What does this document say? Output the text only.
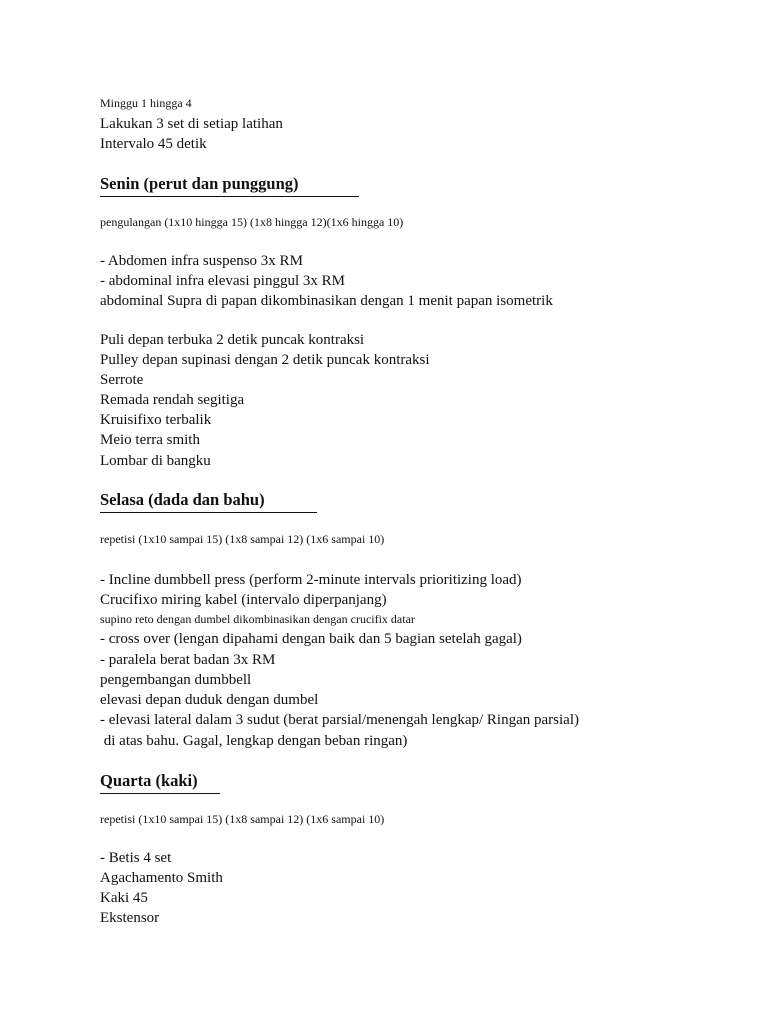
Minggu 1 hingga 4
Lakukan 3 set di setiap latihan
Intervalo 45 detik
Senin (perut dan punggung)
pengulangan (1x10 hingga 15) (1x8 hingga 12)(1x6 hingga 10)
- Abdomen infra suspenso 3x RM
- abdominal infra elevasi pinggul 3x RM
abdominal Supra di papan dikombinasikan dengan 1 menit papan isometrik
Puli depan terbuka 2 detik puncak kontraksi
Pulley depan supinasi dengan 2 detik puncak kontraksi
Serrote
Remada rendah segitiga
Kruisifixo terbalik
Meio terra smith
Lombar di bangku
Selasa (dada dan bahu)
repetisi (1x10 sampai 15) (1x8 sampai 12) (1x6 sampai 10)
- Incline dumbbell press (perform 2-minute intervals prioritizing load)
Crucifixo miring kabel (intervalo diperpanjang)
supino reto dengan dumbel dikombinasikan dengan crucifix datar
- cross over (lengan dipahami dengan baik dan 5 bagian setelah gagal)
- paralela berat badan 3x RM
pengembangan dumbbell
elevasi depan duduk dengan dumbel
- elevasi lateral dalam 3 sudut (berat parsial/menengah lengkap/ Ringan parsial)
di atas bahu. Gagal, lengkap dengan beban ringan)
Quarta (kaki)
repetisi (1x10 sampai 15) (1x8 sampai 12) (1x6 sampai 10)
- Betis 4 set
Agachamento Smith
Kaki 45
Ekstensor
